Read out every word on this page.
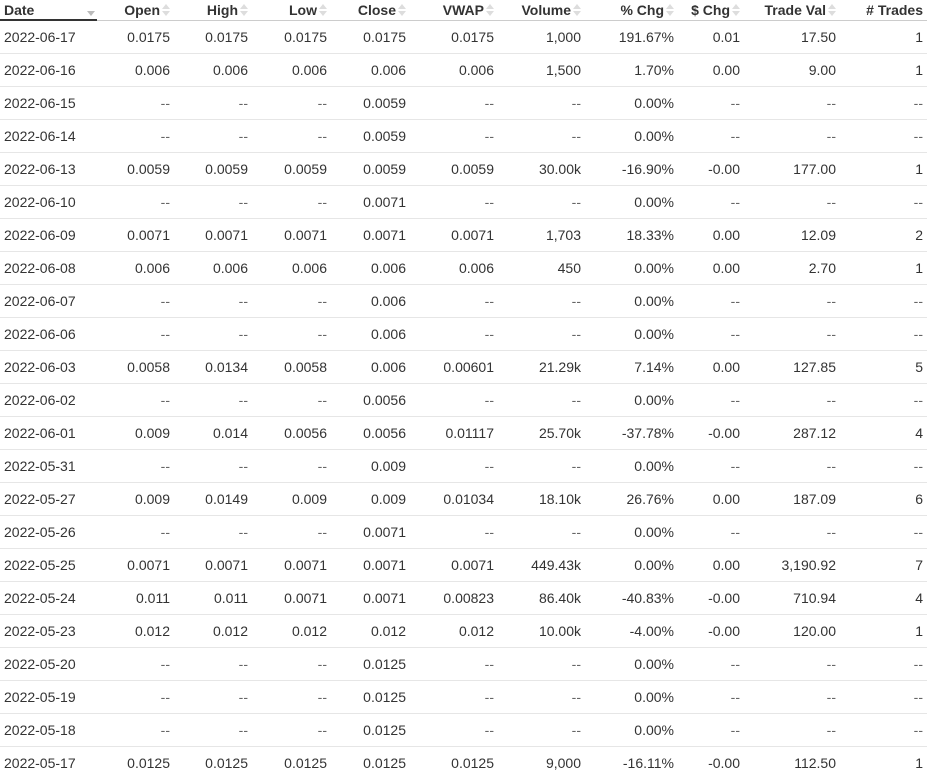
Date	Open	High	Low	Close	VWAP	Volume	% Chg	$ Chg	Trade Val	# Trades
2022-06-17	0.0175	0.0175	0.0175	0.0175	0.0175	1,000	191.67%	0.01	17.50	1
2022-06-16	0.006	0.006	0.006	0.006	0.006	1,500	1.70%	0.00	9.00	1
2022-06-15	--	--	--	0.0059	--	--	0.00%	--	--	--
2022-06-14	--	--	--	0.0059	--	--	0.00%	--	--	--
2022-06-13	0.0059	0.0059	0.0059	0.0059	0.0059	30.00k	-16.90%	-0.00	177.00	1
2022-06-10	--	--	--	0.0071	--	--	0.00%	--	--	--
2022-06-09	0.0071	0.0071	0.0071	0.0071	0.0071	1,703	18.33%	0.00	12.09	2
2022-06-08	0.006	0.006	0.006	0.006	0.006	450	0.00%	0.00	2.70	1
2022-06-07	--	--	--	0.006	--	--	0.00%	--	--	--
2022-06-06	--	--	--	0.006	--	--	0.00%	--	--	--
2022-06-03	0.0058	0.0134	0.0058	0.006	0.00601	21.29k	7.14%	0.00	127.85	5
2022-06-02	--	--	--	0.0056	--	--	0.00%	--	--	--
2022-06-01	0.009	0.014	0.0056	0.0056	0.01117	25.70k	-37.78%	-0.00	287.12	4
2022-05-31	--	--	--	0.009	--	--	0.00%	--	--	--
2022-05-27	0.009	0.0149	0.009	0.009	0.01034	18.10k	26.76%	0.00	187.09	6
2022-05-26	--	--	--	0.0071	--	--	0.00%	--	--	--
2022-05-25	0.0071	0.0071	0.0071	0.0071	0.0071	449.43k	0.00%	0.00	3,190.92	7
2022-05-24	0.011	0.011	0.0071	0.0071	0.00823	86.40k	-40.83%	-0.00	710.94	4
2022-05-23	0.012	0.012	0.012	0.012	0.012	10.00k	-4.00%	-0.00	120.00	1
2022-05-20	--	--	--	0.0125	--	--	0.00%	--	--	--
2022-05-19	--	--	--	0.0125	--	--	0.00%	--	--	--
2022-05-18	--	--	--	0.0125	--	--	0.00%	--	--	--
2022-05-17	0.0125	0.0125	0.0125	0.0125	0.0125	9,000	-16.11%	-0.00	112.50	1
